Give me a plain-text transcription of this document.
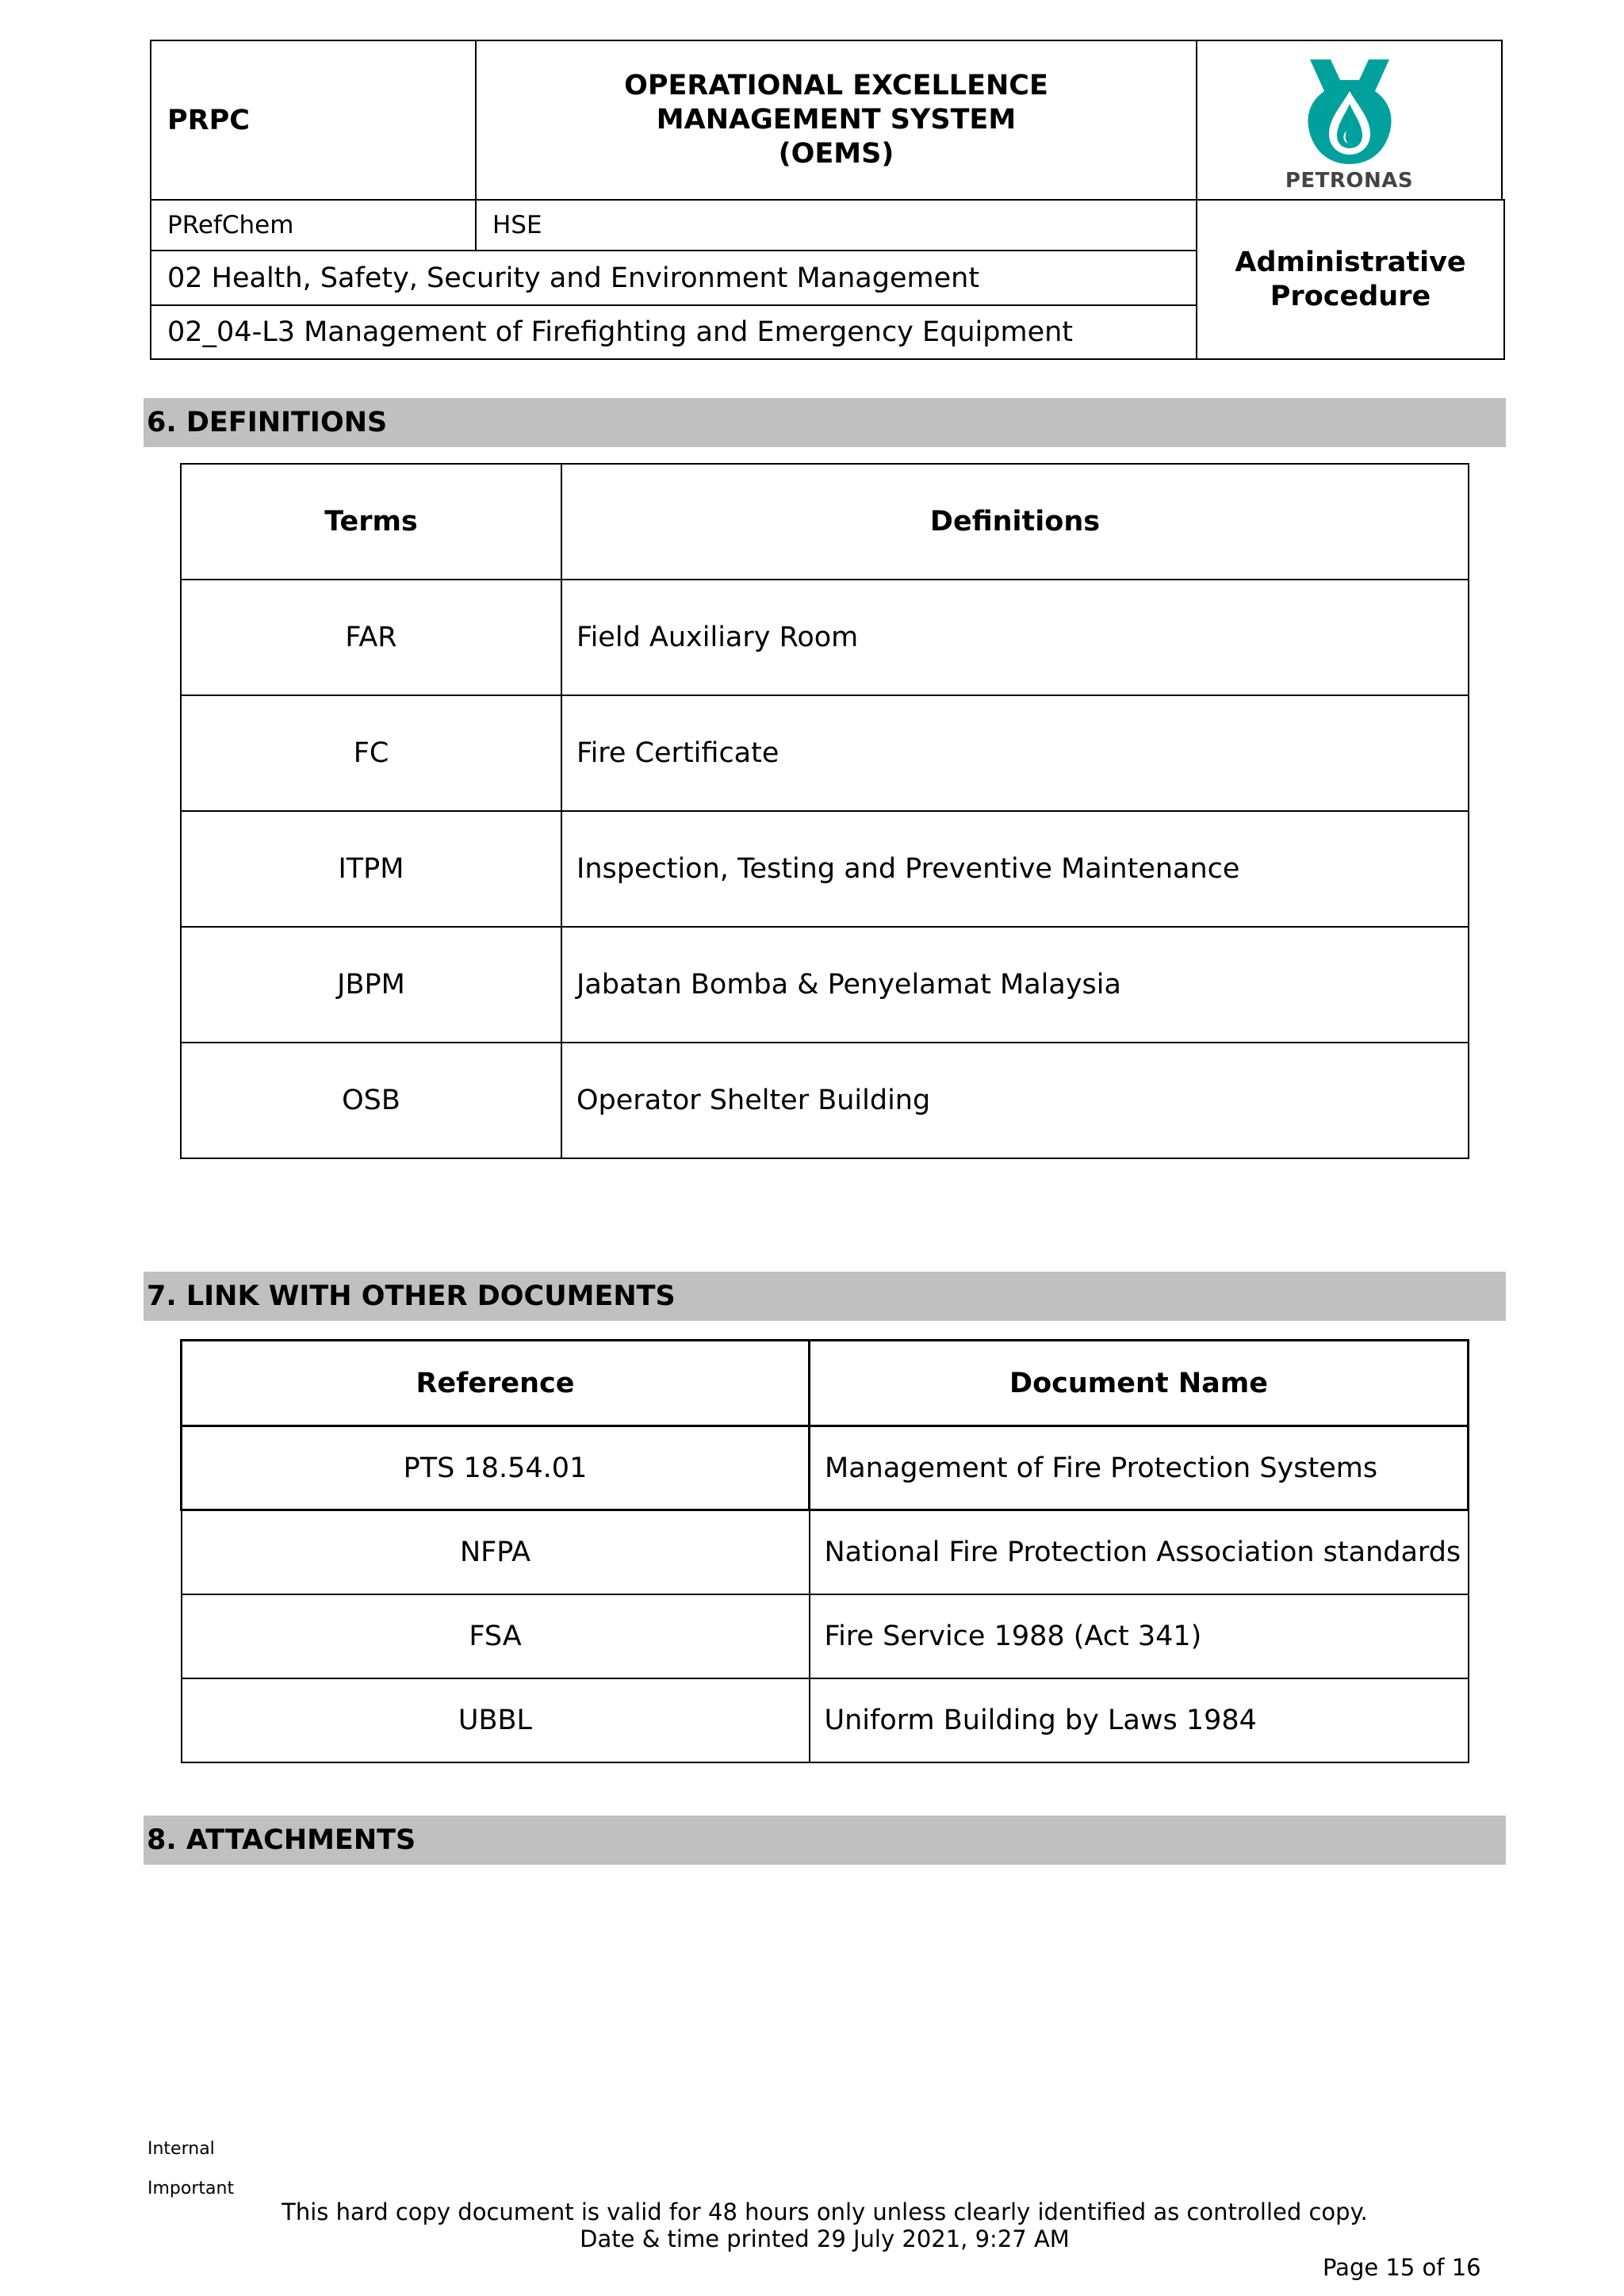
PRPC
OPERATIONAL EXCELLENCE
MANAGEMENT SYSTEM
(OEMS)
PETRONAS
PRefChem	HSE
Administrative
Procedure
02 Health, Safety, Security and Environment Management
02_04-L3 Management of Firefighting and Emergency Equipment
6. DEFINITIONS
Terms	Definitions
FAR	Field Auxiliary Room
FC	Fire Certificate
ITPM	Inspection, Testing and Preventive Maintenance
JBPM	Jabatan Bomba & Penyelamat Malaysia
OSB	Operator Shelter Building
7. LINK WITH OTHER DOCUMENTS
Reference	Document Name
PTS 18.54.01	Management of Fire Protection Systems
NFPA	National Fire Protection Association standards
FSA	Fire Service 1988 (Act 341)
UBBL	Uniform Building by Laws 1984
8. ATTACHMENTS
Internal
Important
This hard copy document is valid for 48 hours only unless clearly identified as controlled copy.
Date & time printed 29 July 2021, 9:27 AM
Page 15 of 16
